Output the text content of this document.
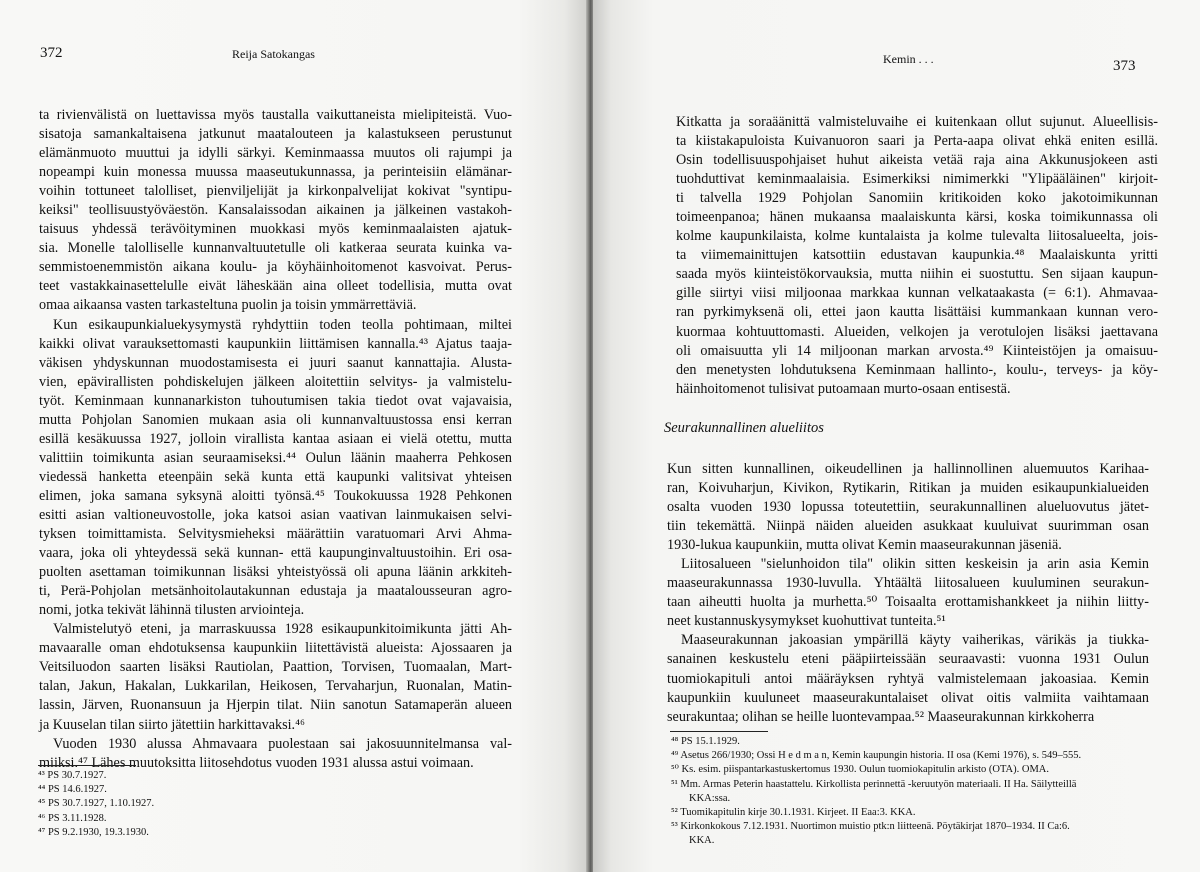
372	Reija Satokangas
ta rivienvälistä on luettavissa myös taustalla vaikuttaneista mielipiteistä. Vuo-
sisatoja samankaltaisena jatkunut maatalouteen ja kalastukseen perustunut
elämänmuoto muuttui ja idylli särkyi. Keminmaassa muutos oli rajumpi ja
nopeampi kuin monessa muussa maaseutukunnassa, ja perinteisiin elämänar-
voihin tottuneet talolliset, pienviljelijät ja kirkonpalvelijat kokivat "syntipu-
keiksi" teollisuustyöväestön. Kansalaissodan aikainen ja jälkeinen vastakoh-
taisuus yhdessä terävöityminen muokkasi myös keminmaalaisten ajatuk-
sia. Monelle talolliselle kunnanvaltuutetulle oli katkeraa seurata kuinka va-
semmistoenemmistön aikana koulu- ja köyhäinhoitomenot kasvoivat. Perus-
teet vastakkainasettelulle eivät läheskään aina olleet todellisia, mutta ovat
omaa aikaansa vasten tarkasteltuna puolin ja toisin ymmärrettäviä.
Kun esikaupunkialuekysymystä ryhdyttiin toden teolla pohtimaan, miltei
kaikki olivat varauksettomasti kaupunkiin liittämisen kannalla.⁴³ Ajatus taaja-
väkisen yhdyskunnan muodostamisesta ei juuri saanut kannattajia. Alusta-
vien, epävirallisten pohdiskelujen jälkeen aloitettiin selvitys- ja valmistelu-
työt. Keminmaan kunnanarkiston tuhoutumisen takia tiedot ovat vajavaisia,
mutta Pohjolan Sanomien mukaan asia oli kunnanvaltuustossa ensi kerran
esillä kesäkuussa 1927, jolloin virallista kantaa asiaan ei vielä otettu, mutta
valittiin toimikunta asian seuraamiseksi.⁴⁴ Oulun läänin maaherra Pehkosen
viedessä hanketta eteenpäin sekä kunta että kaupunki valitsivat yhteisen
elimen, joka samana syksynä aloitti työnsä.⁴⁵ Toukokuussa 1928 Pehkonen
esitti asian valtioneuvostolle, joka katsoi asian vaativan lainmukaisen selvi-
tyksen toimittamista. Selvitysmieheksi määrättiin varatuomari Arvi Ahma-
vaara, joka oli yhteydessä sekä kunnan- että kaupunginvaltuustoihin. Eri osa-
puolten asettaman toimikunnan lisäksi yhteistyössä oli apuna läänin arkkiteh-
ti, Perä-Pohjolan metsänhoitolautakunnan edustaja ja maatalousseuran agro-
nomi, jotka tekivät lähinnä tilusten arviointeja.
Valmistelutyö eteni, ja marraskuussa 1928 esikaupunkitoimikunta jätti Ah-
mavaaralle oman ehdotuksensa kaupunkiin liitettävistä alueista: Ajossaaren ja
Veitsiluodon saarten lisäksi Rautiolan, Paattion, Torvisen, Tuomaalan, Mart-
talan, Jakun, Hakalan, Lukkarilan, Heikosen, Tervaharjun, Ruonalan, Matin-
lassin, Järven, Ruonansuun ja Hjerpin tilat. Niin sanotun Satamaperän alueen
ja Kuuselan tilan siirto jätettiin harkittavaksi.⁴⁶
Vuoden 1930 alussa Ahmavaara puolestaan sai jakosuunnitelmansa val-
miiksi.⁴⁷ Lähes muutoksitta liitosehdotus vuoden 1931 alussa astui voimaan.
⁴³ PS 30.7.1927.
⁴⁴ PS 14.6.1927.
⁴⁵ PS 30.7.1927, 1.10.1927.
⁴⁶ PS 3.11.1928.
⁴⁷ PS 9.2.1930, 19.3.1930.
Kemin . . .	373
Kitkatta ja soraäänittä valmisteluvaihe ei kuitenkaan ollut sujunut. Alueellisis-
ta kiistakapuloista Kuivanuoron saari ja Perta-aapa olivat ehkä eniten esillä.
Osin todellisuuspohjaiset huhut aikeista vetää raja aina Akkunusjokeen asti
tuohduttivat keminmaalaisia. Esimerkiksi nimimerkki "Ylipääläinen" kirjoit-
ti talvella 1929 Pohjolan Sanomiin kritikoiden koko jakotoimikunnan
toimeenpanoa; hänen mukaansa maalaiskunta kärsi, koska toimikunnassa oli
kolme kaupunkilaista, kolme kuntalaista ja kolme tulevalta liitosalueelta, jois-
ta viimemainittujen katsottiin edustavan kaupunkia.⁴⁸ Maalaiskunta yritti
saada myös kiinteistökorvauksia, mutta niihin ei suostuttu. Sen sijaan kaupun-
gille siirtyi viisi miljoonaa markkaa kunnan velkataakasta (= 6:1). Ahmavaa-
ran pyrkimyksenä oli, ettei jaon kautta lisättäisi kummankaan kunnan vero-
kuormaa kohtuuttomasti. Alueiden, velkojen ja verotulojen lisäksi jaettavana
oli omaisuutta yli 14 miljoonan markan arvosta.⁴⁹ Kiinteistöjen ja omaisuu-
den menetysten lohdutuksena Keminmaan hallinto-, koulu-, terveys- ja köy-
häinhoitomenot tulisivat putoamaan murto-osaan entisestä.
Seurakunnallinen alueliitos
Kun sitten kunnallinen, oikeudellinen ja hallinnollinen aluemuutos Karihaa-
ran, Koivuharjun, Kivikon, Rytikarin, Ritikan ja muiden esikaupunkialueiden
osalta vuoden 1930 lopussa toteutettiin, seurakunnallinen alueluovutus jätet-
tiin tekemättä. Niinpä näiden alueiden asukkaat kuuluivat suurimman osan
1930-lukua kaupunkiin, mutta olivat Kemin maaseurakunnan jäseniä.
Liitosalueen "sielunhoidon tila" olikin sitten keskeisin ja arin asia Kemin
maaseurakunnassa 1930-luvulla. Yhtäältä liitosalueen kuuluminen seurakun-
taan aiheutti huolta ja murhetta.⁵⁰ Toisaalta erottamishankkeet ja niihin liitty-
neet kustannuskysymykset kuohuttivat tunteita.⁵¹
Maaseurakunnan jakoasian ympärillä käyty vaiherikas, värikäs ja tiukka-
sanainen keskustelu eteni pääpiirteissään seuraavasti: vuonna 1931 Oulun
tuomiokapituli antoi määräyksen ryhtyä valmistelemaan jakoasiaa. Kemin
kaupunkiin kuuluneet maaseurakuntalaiset olivat oitis valmiita vaihtamaan
seurakuntaa; olihan se heille luontevampaa.⁵² Maaseurakunnan kirkkoherra
⁴⁸ PS 15.1.1929.
⁴⁹ Asetus 266/1930; Ossi H e d m a n, Kemin kaupungin historia. II osa (Kemi 1976), s. 549–555.
⁵⁰ Ks. esim. piispantarkastuskertomus 1930. Oulun tuomiokapitulin arkisto (OTA). OMA.
⁵¹ Mm. Armas Peterin haastattelu. Kirkollista perinnettä -keruutyön materiaali. II Ha. Säilytteillä
KKA:ssa.
⁵² Tuomikapitulin kirje 30.1.1931. Kirjeet. II Eaa:3. KKA.
⁵³ Kirkonkokous 7.12.1931. Nuortimon muistio ptk:n liitteenä. Pöytäkirjat 1870–1934. II Ca:6.
KKA.
